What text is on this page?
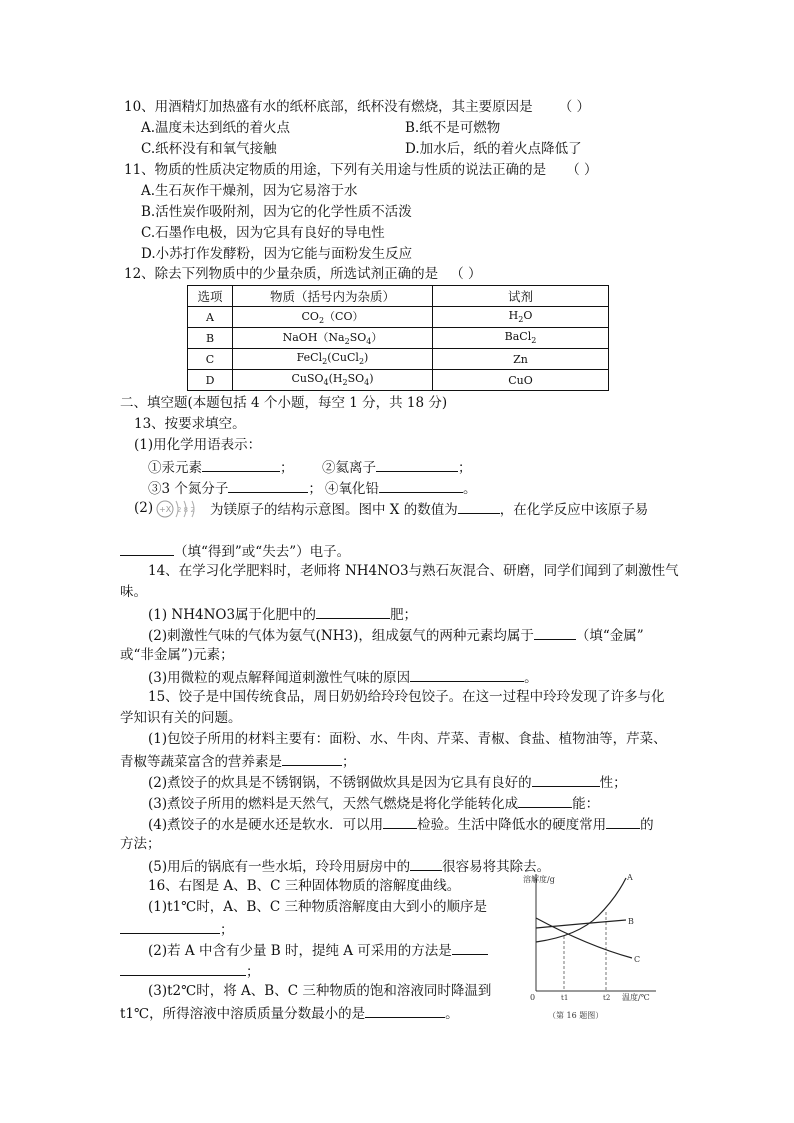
10、用酒精灯加热盛有水的纸杯底部，纸杯没有燃烧，其主要原因是 （ ）
A.温度未达到纸的着火点	B.纸不是可燃物
C.纸杯没有和氧气接触	D.加水后，纸的着火点降低了
11、物质的性质决定物质的用途，下列有关用途与性质的说法正确的是 （ ）
A.生石灰作干燥剂，因为它易溶于水
B.活性炭作吸附剂，因为它的化学性质不活泼
C.石墨作电极，因为它具有良好的导电性
D.小苏打作发酵粉，因为它能与面粉发生反应
12、除去下列物质中的少量杂质，所选试剂正确的是 （ ）
选项	物质（括号内为杂质）	试剂
A	$CO_2(CO)$	$H_2O$
B	$NaOH(Na_2SO_4)$	BaCl$_2$
C	FeCl$_2$(CuCl$_2$)	Zn
D	$CuSO_4(H_2SO_4)$	CuO
二、填空题(本题包括 4 个小题，每空 1 分，共 18 分)
13、按要求填空。
(1)用化学用语表示：
①汞元素	； ②氦离子	；
③3 个氮分子	； ④氧化铅	。
(2) +X 2 8 2 为镁原子的结构示意图。图中 X 的数值为	，在化学反应中该原子易
（填“得到”或“失去”）电子。
14、在学习化学肥料时，老师将 NH4NO3与熟石灰混合、研磨，同学们闻到了刺激性气
味。
(1) NH4NO3属于化肥中的	肥；
(2)刺激性气味的气体为氨气(NH3)，组成氨气的两种元素均属于	（填“金属”
或“非金属”)元素；
(3)用微粒的观点解释闻道刺激性气味的原因	。
15、饺子是中国传统食品，周日奶奶给玲玲包饺子。在这一过程中玲玲发现了许多与化
学知识有关的问题。
(1)包饺子所用的材料主要有：面粉、水、牛肉、芹菜、青椒、食盐、植物油等，芹菜、
青椒等蔬菜富含的营养素是	；
(2)煮饺子的炊具是不锈钢锅，不锈钢做炊具是因为它具有良好的	性；
(3)煮饺子所用的燃料是天然气，天然气燃烧是将化学能转化成	能：
(4)煮饺子的水是硬水还是软水．可以用	检验。生活中降低水的硬度常用	的
方法；
(5)用后的锅底有一些水垢，玲玲用厨房中的 很容易将其除去。
16、右图是 A、B、C 三种固体物质的溶解度曲线。
(1)t1℃时，A、B、C 三种物质溶解度由大到小的顺序是
；
(2)若 A 中含有少量 B 时，提纯 A 可采用的方法是
；
(3)t2℃时，将 A、B、C 三种物质的饱和溶液同时降温到
t1℃，所得溶液中溶质质量分数最小的是	。
溶解度/g
0	温度/℃
t1	t2
A
B
C
（第 16 题图）
